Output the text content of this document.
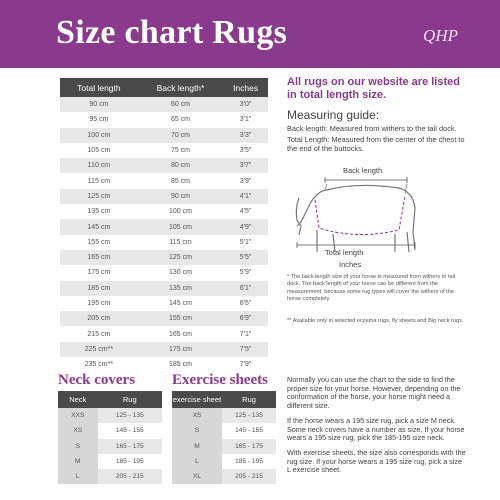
Size chart Rugs	QHP
Total length	Back length*	Inches
90 cm	60 cm	3'0"
95 cm	65 cm	3'1"
100 cm	70 cm	3'3"
105 cm	75 cm	3'5"
110 cm	80 cm	3'7"
115 cm	85 cm	3'9"
125 cm	90 cm	4'1"
135 cm	100 cm	4'5"
145 cm	105 cm	4'9"
155 cm	115 cm	5'1"
165 cm	125 cm	5'5"
175 cm	130 cm	5'9"
185 cm	135 cm	6'1"
195 cm	145 cm	6'5"
205 cm	155 cm	6'9"
215 cm	165 cm	7'1"
225 cm**	175 cm	7'5"
235 cm**	185 cm	7'9"
All rugs on our website are listed in total length size.
Measuring guide:
Back length: Measured from withers to the tail dock.
Total Length: Measured from the center of the chest to the end of the buttocks.
Back length
Total length
Inches
* The back length size of your horse is measured from withers to tail dock. The back length of your horse can be different from the measurement, because some rug types will cover the withers of the horse completely.
** Available only in selected eczema rugs, fly sheets and Big neck rugs.
Neck covers
Neck	Rug
XXS	125 - 135
XS	145 - 155
S	165 - 175
M	185 - 195
L	205 - 215
Exercise sheets
exercise sheet	Rug
XS	125 - 135
S	145 - 155
M	165 - 175
L	185 - 195
XL	205 - 215

Normally you can use the chart to the side to find the proper size for your horse. However, depending on the conformation of the horse, your horse might need a different size.

If the horse wears a 195 size rug, pick a size M neck. Some neck covers have a number as size. If your horse wears a 195 size rug, pick the 185-195 size neck.

With exercise sheets, the size also corresponds with the rug size. If your horse wears a 195 size rug, pick a size L exercise sheet.
